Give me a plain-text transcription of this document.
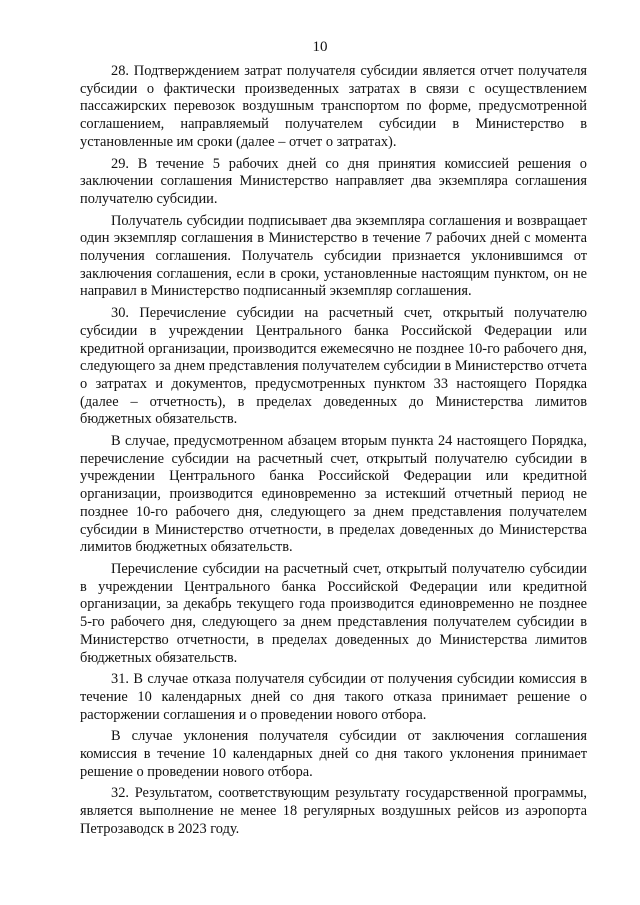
10

28. Подтверждением затрат получателя субсидии является отчет получателя субсидии о фактически произведенных затратах в связи с осуществлением пассажирских перевозок воздушным транспортом по форме, предусмотренной соглашением, направляемый получателем субсидии в Министерство в установленные им сроки (далее – отчет о затратах).

29. В течение 5 рабочих дней со дня принятия комиссией решения о заключении соглашения Министерство направляет два экземпляра соглашения получателю субсидии.

Получатель субсидии подписывает два экземпляра соглашения и возвращает один экземпляр соглашения в Министерство в течение 7 рабочих дней с момента получения соглашения. Получатель субсидии признается уклонившимся от заключения соглашения, если в сроки, установленные настоящим пунктом, он не направил в Министерство подписанный экземпляр соглашения.

30. Перечисление субсидии на расчетный счет, открытый получателю субсидии в учреждении Центрального банка Российской Федерации или кредитной организации, производится ежемесячно не позднее 10-го рабочего дня, следующего за днем представления получателем субсидии в Министерство отчета о затратах и документов, предусмотренных пунктом 33 настоящего Порядка (далее – отчетность), в пределах доведенных до Министерства лимитов бюджетных обязательств.

В случае, предусмотренном абзацем вторым пункта 24 настоящего Порядка, перечисление субсидии на расчетный счет, открытый получателю субсидии в учреждении Центрального банка Российской Федерации или кредитной организации, производится единовременно за истекший отчетный период не позднее 10-го рабочего дня, следующего за днем представления получателем субсидии в Министерство отчетности, в пределах доведенных до Министерства лимитов бюджетных обязательств.

Перечисление субсидии на расчетный счет, открытый получателю субсидии в учреждении Центрального банка Российской Федерации или кредитной организации, за декабрь текущего года производится единовременно не позднее 5-го рабочего дня, следующего за днем представления получателем субсидии в Министерство отчетности, в пределах доведенных до Министерства лимитов бюджетных обязательств.

31. В случае отказа получателя субсидии от получения субсидии комиссия в течение 10 календарных дней со дня такого отказа принимает решение о расторжении соглашения и о проведении нового отбора.

В случае уклонения получателя субсидии от заключения соглашения комиссия в течение 10 календарных дней со дня такого уклонения принимает решение о проведении нового отбора.

32. Результатом, соответствующим результату государственной программы, является выполнение не менее 18 регулярных воздушных рейсов из аэропорта Петрозаводск в 2023 году.
